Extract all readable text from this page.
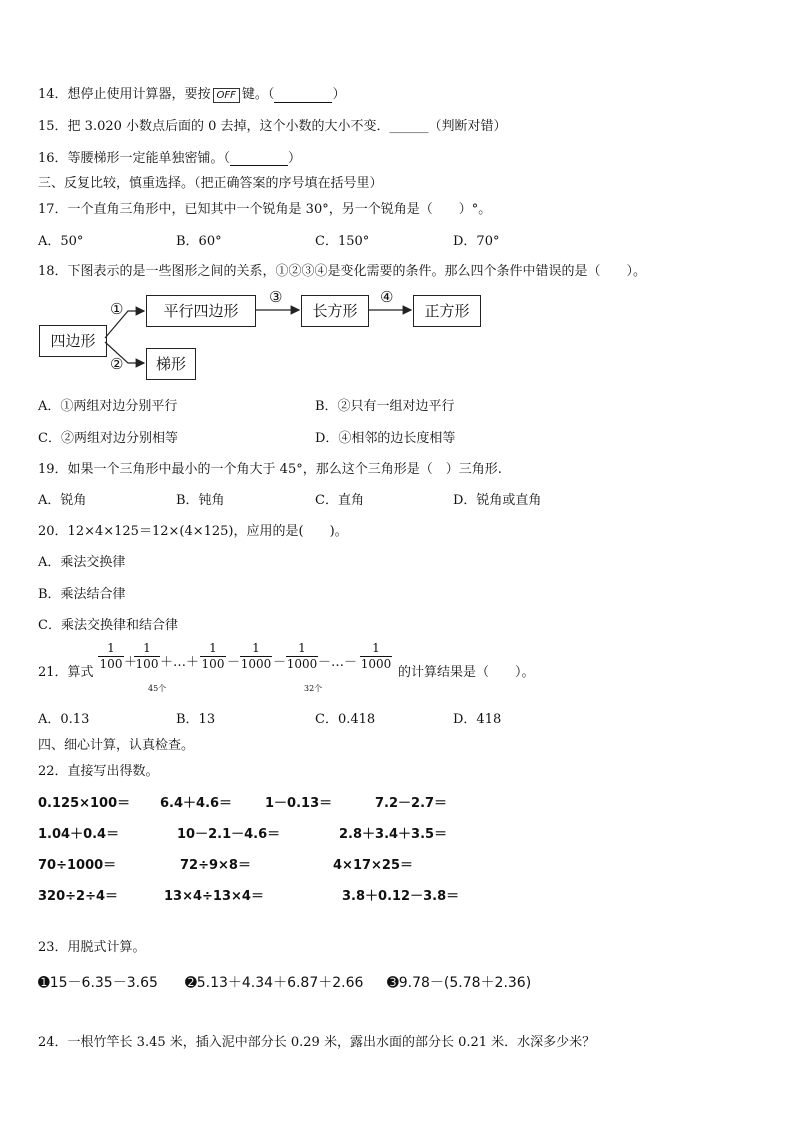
14．想停止使用计算器，要按 OFF 键。（	）
15．把 3.020 小数点后面的 0 去掉，这个小数的大小不变．______（判断对错）
16．等腰梯形一定能单独密铺。（	）
三、反复比较，慎重选择。（把正确答案的序号填在括号里）
17．一个直角三角形中，已知其中一个锐角是 30°，另一个锐角是（　　）°。
A．50°	B．60°	C．150°	D．70°
18．下图表示的是一些图形之间的关系，①②③④是变化需要的条件。那么四个条件中错误的是（　　）。
四边形
平行四边形	长方形	正方形
梯形
①
②
③	④
A．①两组对边分别平行	B．②只有一组对边平行
C．②两组对边分别相等	D．④相邻的边长度相等
19．如果一个三角形中最小的一个角大于 45°，那么这个三角形是（　）三角形.
A．锐角	B．钝角	C．直角	D．锐角或直角
20．12×4×125＝12×(4×125)，应用的是(　　)。
A．乘法交换律
B．乘法结合律
C．乘法交换律和结合律
21．算式
$\frac{1}{100}$ ＋
$\frac{1}{100}$ ＋…＋ $\frac{1}{100} - \frac{1}{1000} - \frac{1}{1000}$ －…－ $\frac{1}{1000}$
45个	32个
的计算结果是（　　）。
A．0.13	B．13	C．0.418	D．418
四、细心计算，认真检查。
22．直接写出得数。
0.125×100＝ 6.4＋4.6＝	1－0.13＝	7.2－2.7＝
1.04＋0.4＝	10－2.1－4.6＝	2.8＋3.4＋3.5＝
70÷1000＝	72÷9×8＝	4×17×25＝
320÷2÷4＝	13×4÷13×4＝	3.8＋0.12－3.8＝
23．用脱式计算。
➊15－6.35－3.65 ➋5.13＋4.34＋6.87＋2.66 ➌9.78－(5.78＋2.36)
24．一根竹竿长 3.45 米，插入泥中部分长 0.29 米，露出水面的部分长 0.21 米．水深多少米？
